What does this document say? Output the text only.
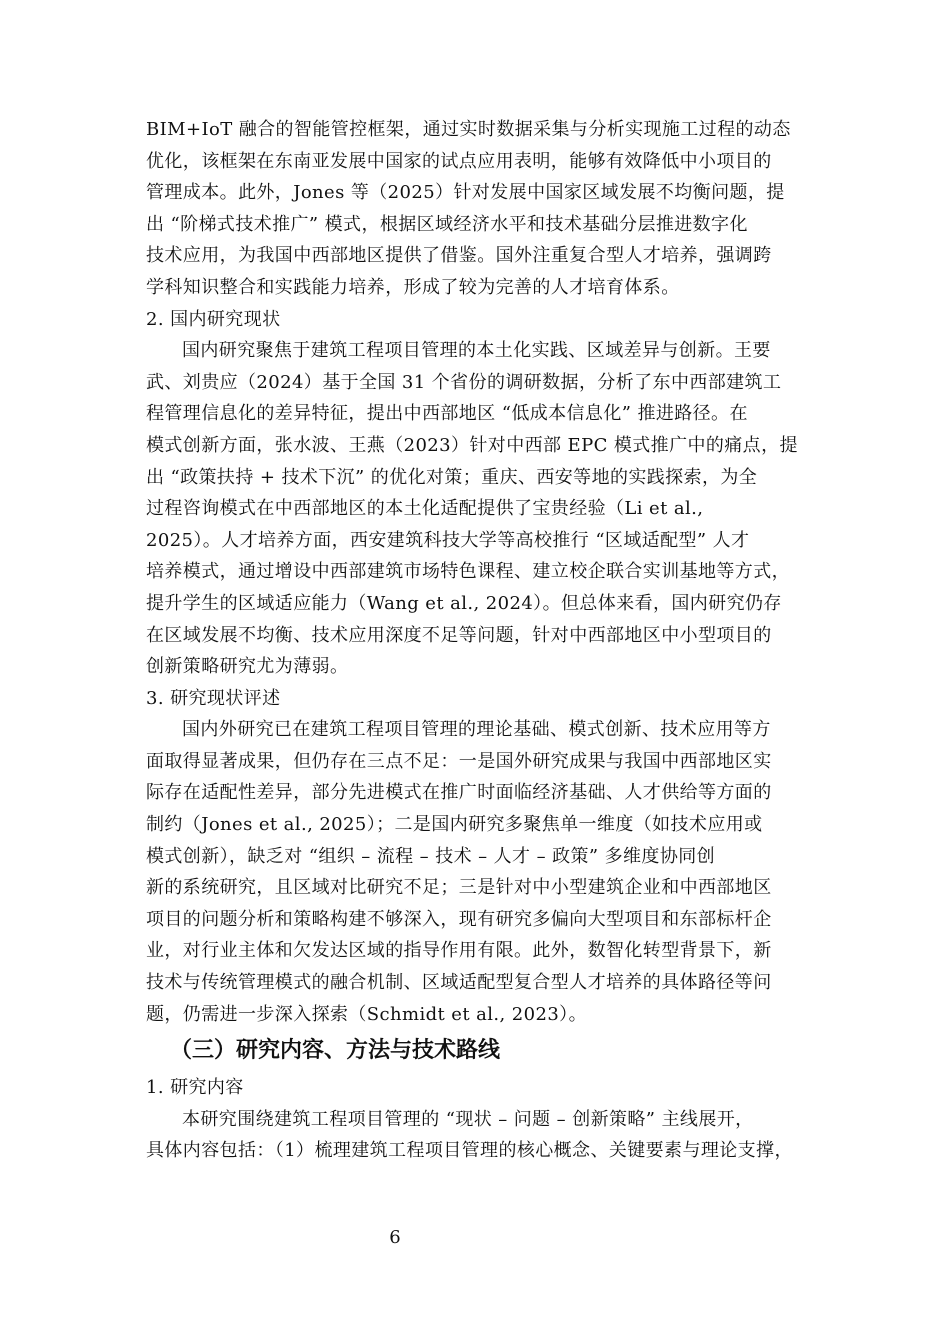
BIM+IoT 融合的智能管控框架，通过实时数据采集与分析实现施工过程的动态
优化，该框架在东南亚发展中国家的试点应用表明，能够有效降低中小项目的
管理成本。此外，Jones 等（2025）针对发展中国家区域发展不均衡问题，提
出 “阶梯式技术推广” 模式，根据区域经济水平和技术基础分层推进数字化
技术应用，为我国中西部地区提供了借鉴。国外注重复合型人才培养，强调跨
学科知识整合和实践能力培养，形成了较为完善的人才培育体系。
2. 国内研究现状
国内研究聚焦于建筑工程项目管理的本土化实践、区域差异与创新。王要
武、刘贵应（2024）基于全国 31 个省份的调研数据，分析了东中西部建筑工
程管理信息化的差异特征，提出中西部地区 “低成本信息化” 推进路径。在
模式创新方面，张水波、王燕（2023）针对中西部 EPC 模式推广中的痛点，提
出 “政策扶持 + 技术下沉” 的优化对策；重庆、西安等地的实践探索，为全
过程咨询模式在中西部地区的本土化适配提供了宝贵经验（Li et al.,
2025）。人才培养方面，西安建筑科技大学等高校推行 “区域适配型” 人才
培养模式，通过增设中西部建筑市场特色课程、建立校企联合实训基地等方式，
提升学生的区域适应能力（Wang et al., 2024）。但总体来看，国内研究仍存
在区域发展不均衡、技术应用深度不足等问题，针对中西部地区中小型项目的
创新策略研究尤为薄弱。
3. 研究现状评述
国内外研究已在建筑工程项目管理的理论基础、模式创新、技术应用等方
面取得显著成果，但仍存在三点不足：一是国外研究成果与我国中西部地区实
际存在适配性差异，部分先进模式在推广时面临经济基础、人才供给等方面的
制约（Jones et al., 2025）；二是国内研究多聚焦单一维度（如技术应用或
模式创新），缺乏对 “组织 – 流程 – 技术 – 人才 – 政策” 多维度协同创
新的系统研究，且区域对比研究不足；三是针对中小型建筑企业和中西部地区
项目的问题分析和策略构建不够深入，现有研究多偏向大型项目和东部标杆企
业，对行业主体和欠发达区域的指导作用有限。此外，数智化转型背景下，新
技术与传统管理模式的融合机制、区域适配型复合型人才培养的具体路径等问
题，仍需进一步深入探索（Schmidt et al., 2023）。
（三）研究内容、方法与技术路线
1. 研究内容
本研究围绕建筑工程项目管理的 “现状 – 问题 – 创新策略” 主线展开，
具体内容包括：（1）梳理建筑工程项目管理的核心概念、关键要素与理论支撑，
6
